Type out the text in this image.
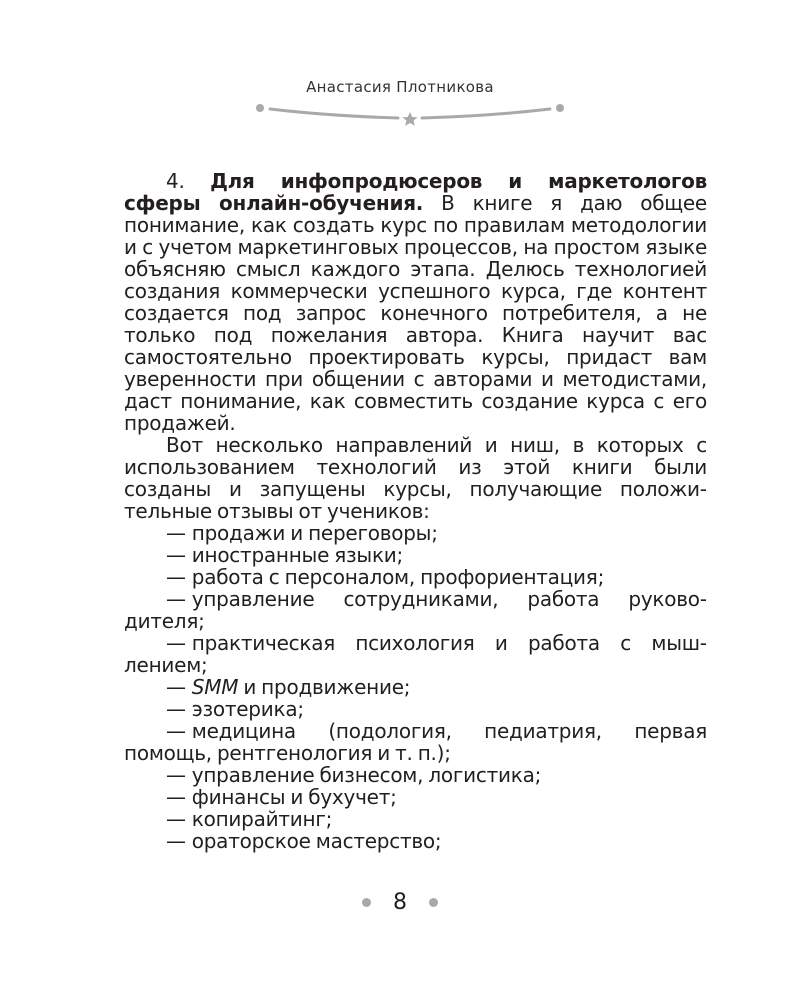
Анастасия Плотникова

4. Для инфопродюсеров и маркетологов сферы онлайн-обучения. В книге я даю общее понимание, как создать курс по правилам методологии и с учетом маркетинговых процессов, на простом языке объясняю смысл каждого этапа. Делюсь технологией создания коммерчески успешного курса, где контент создается под запрос конечного потребителя, а не только под пожелания автора. Книга научит вас самостоятельно проектировать курсы, придаст вам уверенности при общении с авторами и методистами, даст понимание, как совместить создание курса с его продажей.

Вот несколько направлений и ниш, в которых с использованием технологий из этой книги были созданы и запущены курсы, получающие положительные отзывы от учеников:

— продажи и переговоры;
— иностранные языки;
— работа с персоналом, профориентация;
— управление сотрудниками, работа руководителя;
— практическая психология и работа с мышлением;
— SMM и продвижение;
— эзотерика;
— медицина (подология, педиатрия, первая помощь, рентгенология и т. п.);
— управление бизнесом, логистика;
— финансы и бухучет;
— копирайтинг;
— ораторское мастерство;
8
